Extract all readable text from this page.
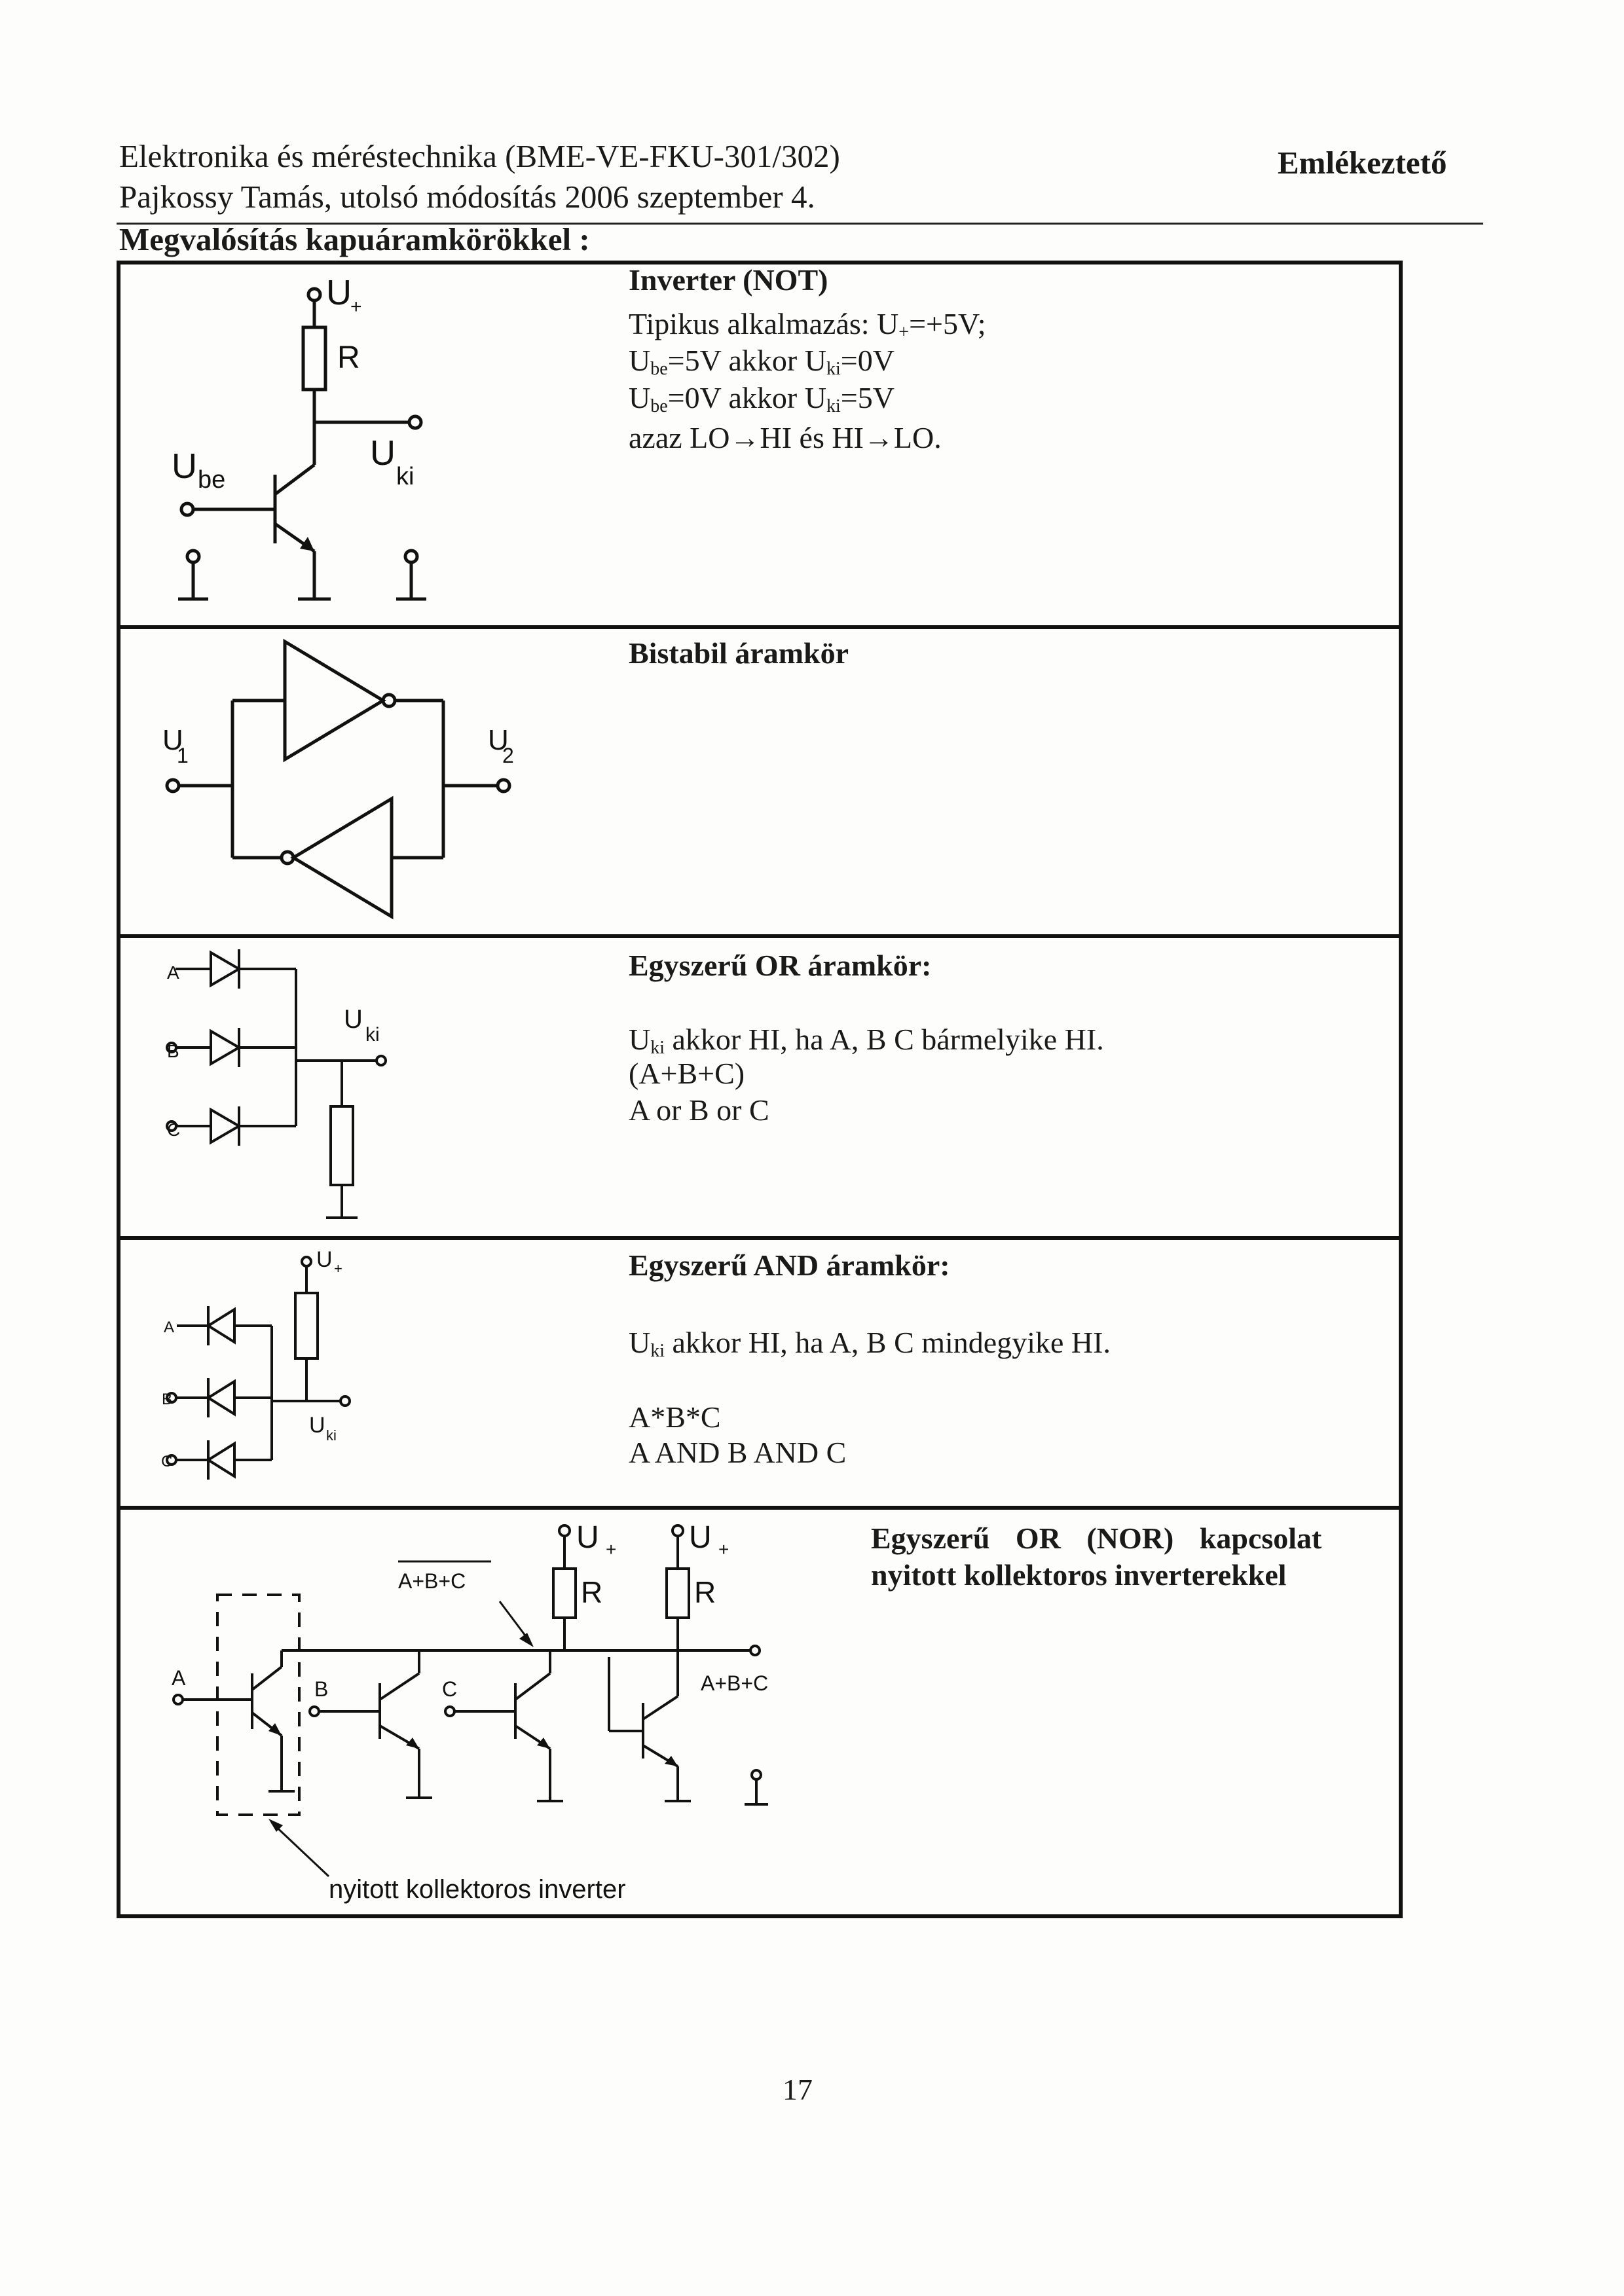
Elektronika és méréstechnika (BME-VE-FKU-301/302)
Pajkossy Tamás, utolsó módosítás 2006 szeptember 4.
Emlékeztető
Megvalósítás kapuáramkörökkel :
Inverter (NOT)
Tipikus alkalmazás: $U_+=+5V$;
$U_{be}=5V$ akkor $U_{ki}=0V$
$U_{be}=0V$ akkor $U_{ki}=5V$
azaz LO→HI és HI→LO.
U
+
R
U be
U
ki
Bistabil áramkör
U
1	U
2
Egyszerű OR áramkör:
$U_{ki}$ akkor HI, ha A, B C bármelyike HI.
(A+B+C)
A or B or C
A
B
C
U
ki
Egyszerű AND áramkör:
$U_{ki}$ akkor HI, ha A, B C mindegyike HI.
A*B*C
A AND B AND C
A
B
C
U +
U ki
Egyszerű OR (NOR) kapcsolat
nyitott kollektoros inverterekkel
U + U +
R	R
A+B+C
A+B+C
A	B	C
nyitott kollektoros inverter
17
